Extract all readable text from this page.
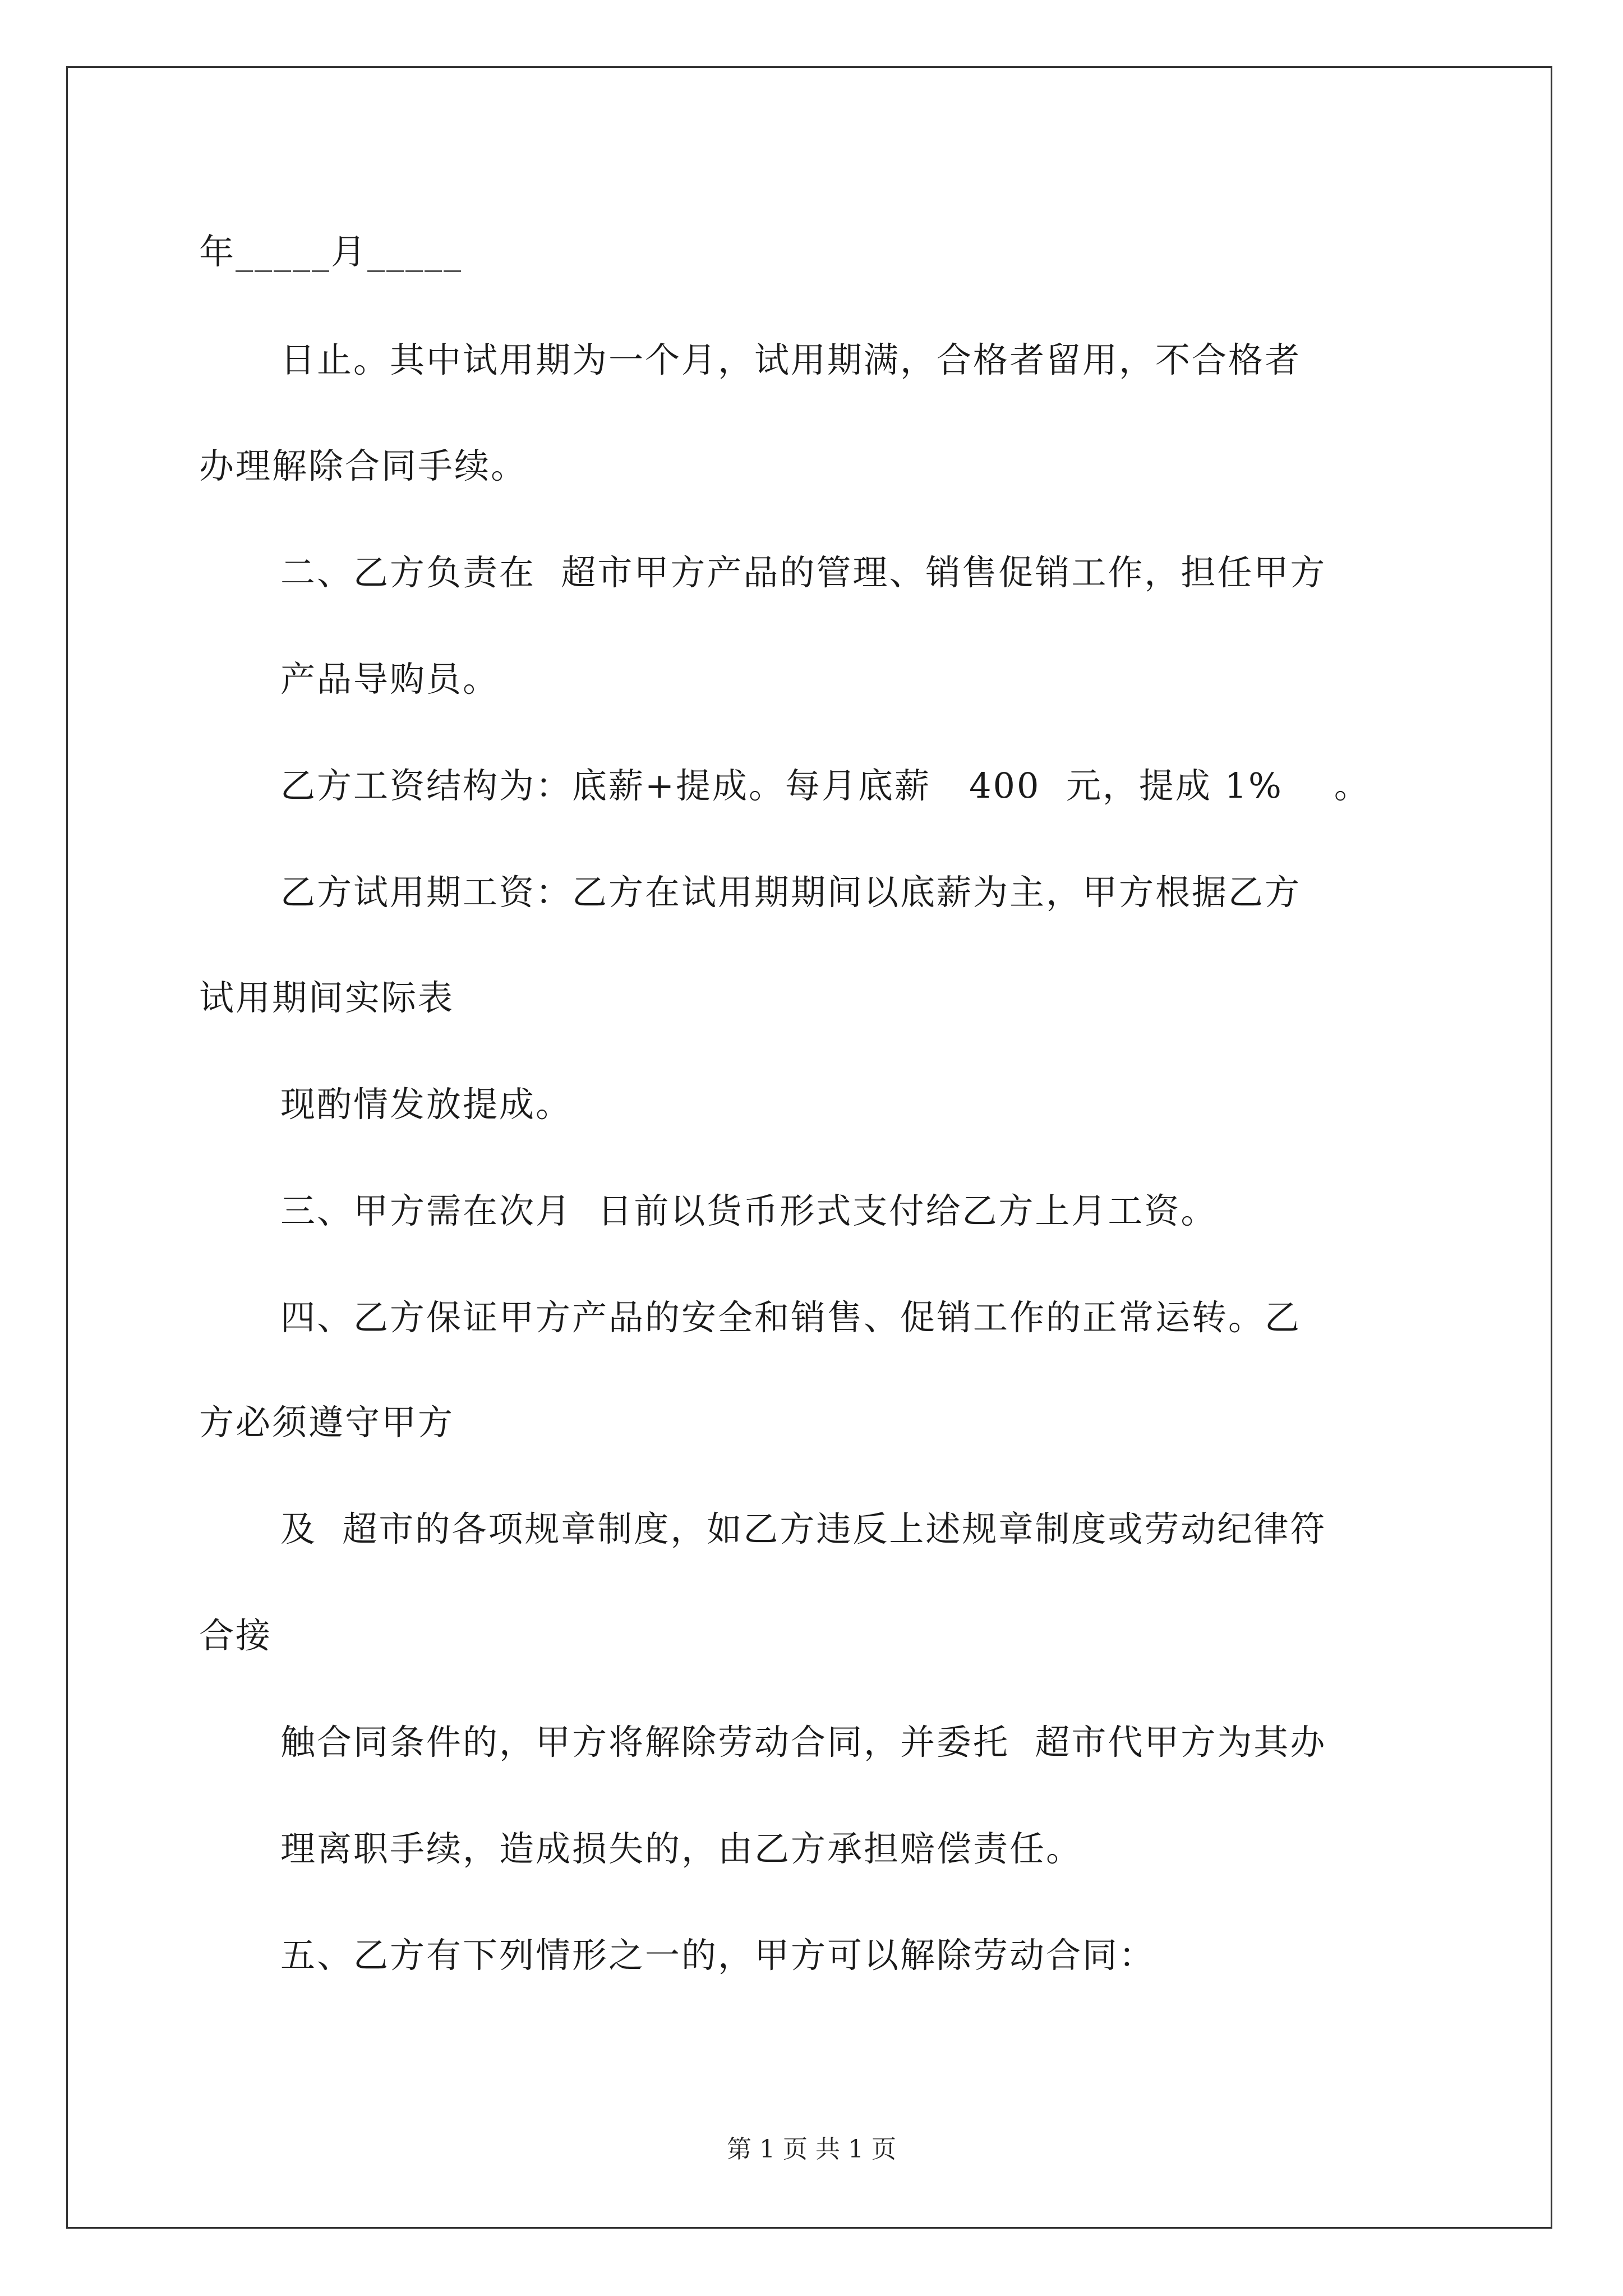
年_____月_____
日止。其中试用期为一个月，试用期满，合格者留用，不合格者
办理解除合同手续。
二、乙方负责在  超市甲方产品的管理、销售促销工作，担任甲方
产品导购员。
乙方工资结构为：底薪+提成。每月底薪   400  元，提成 1%    。
乙方试用期工资：乙方在试用期期间以底薪为主，甲方根据乙方
试用期间实际表
现酌情发放提成。
三、甲方需在次月  日前以货币形式支付给乙方上月工资。
四、乙方保证甲方产品的安全和销售、促销工作的正常运转。乙
方必须遵守甲方
及  超市的各项规章制度，如乙方违反上述规章制度或劳动纪律符
合接
触合同条件的，甲方将解除劳动合同，并委托  超市代甲方为其办
理离职手续，造成损失的，由乙方承担赔偿责任。
五、乙方有下列情形之一的，甲方可以解除劳动合同：
第 1 页 共 1 页
